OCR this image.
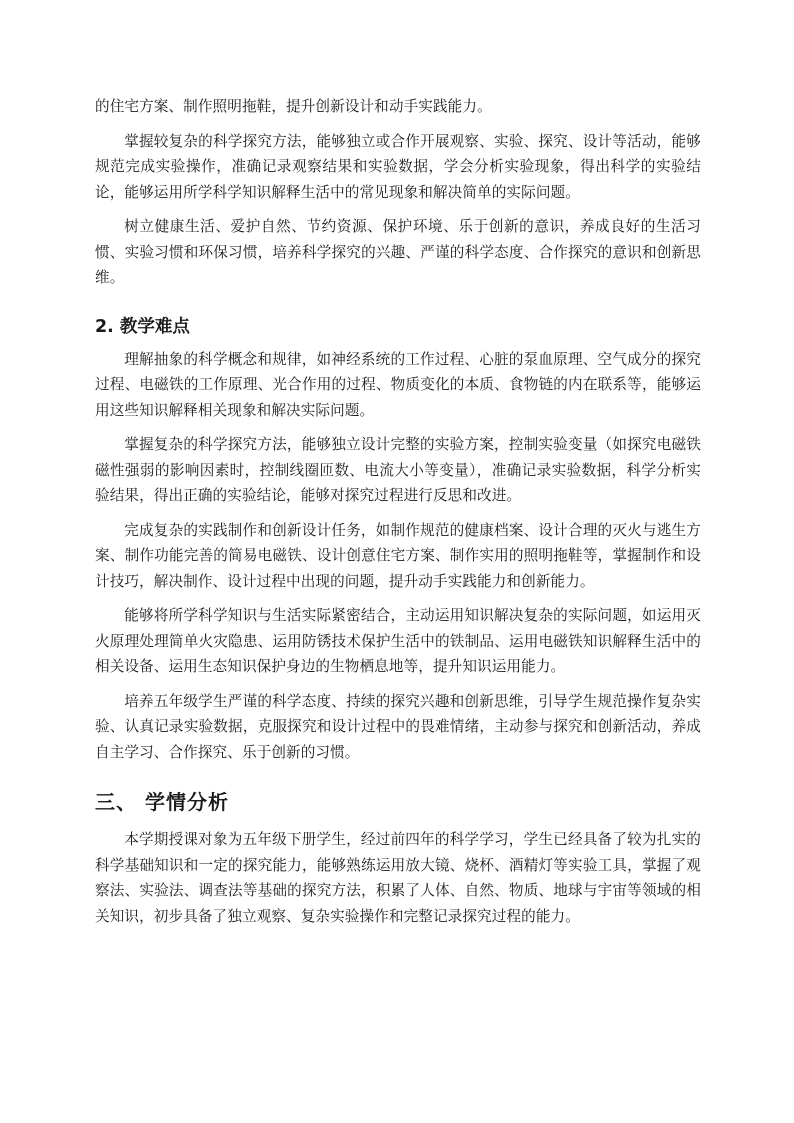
的住宅方案、制作照明拖鞋，提升创新设计和动手实践能力。

掌握较复杂的科学探究方法，能够独立或合作开展观察、实验、探究、设计等活动，能够规范完成实验操作，准确记录观察结果和实验数据，学会分析实验现象，得出科学的实验结论，能够运用所学科学知识解释生活中的常见现象和解决简单的实际问题。

树立健康生活、爱护自然、节约资源、保护环境、乐于创新的意识，养成良好的生活习惯、实验习惯和环保习惯，培养科学探究的兴趣、严谨的科学态度、合作探究的意识和创新思维。

2. 教学难点

理解抽象的科学概念和规律，如神经系统的工作过程、心脏的泵血原理、空气成分的探究过程、电磁铁的工作原理、光合作用的过程、物质变化的本质、食物链的内在联系等，能够运用这些知识解释相关现象和解决实际问题。

掌握复杂的科学探究方法，能够独立设计完整的实验方案，控制实验变量（如探究电磁铁磁性强弱的影响因素时，控制线圈匝数、电流大小等变量），准确记录实验数据，科学分析实验结果，得出正确的实验结论，能够对探究过程进行反思和改进。

完成复杂的实践制作和创新设计任务，如制作规范的健康档案、设计合理的灭火与逃生方案、制作功能完善的简易电磁铁、设计创意住宅方案、制作实用的照明拖鞋等，掌握制作和设计技巧，解决制作、设计过程中出现的问题，提升动手实践能力和创新能力。

能够将所学科学知识与生活实际紧密结合，主动运用知识解决复杂的实际问题，如运用灭火原理处理简单火灾隐患、运用防锈技术保护生活中的铁制品、运用电磁铁知识解释生活中的相关设备、运用生态知识保护身边的生物栖息地等，提升知识运用能力。

培养五年级学生严谨的科学态度、持续的探究兴趣和创新思维，引导学生规范操作复杂实验、认真记录实验数据，克服探究和设计过程中的畏难情绪，主动参与探究和创新活动，养成自主学习、合作探究、乐于创新的习惯。

三、 学情分析

本学期授课对象为五年级下册学生，经过前四年的科学学习，学生已经具备了较为扎实的科学基础知识和一定的探究能力，能够熟练运用放大镜、烧杯、酒精灯等实验工具，掌握了观察法、实验法、调查法等基础的探究方法，积累了人体、自然、物质、地球与宇宙等领域的相关知识，初步具备了独立观察、复杂实验操作和完整记录探究过程的能力。
